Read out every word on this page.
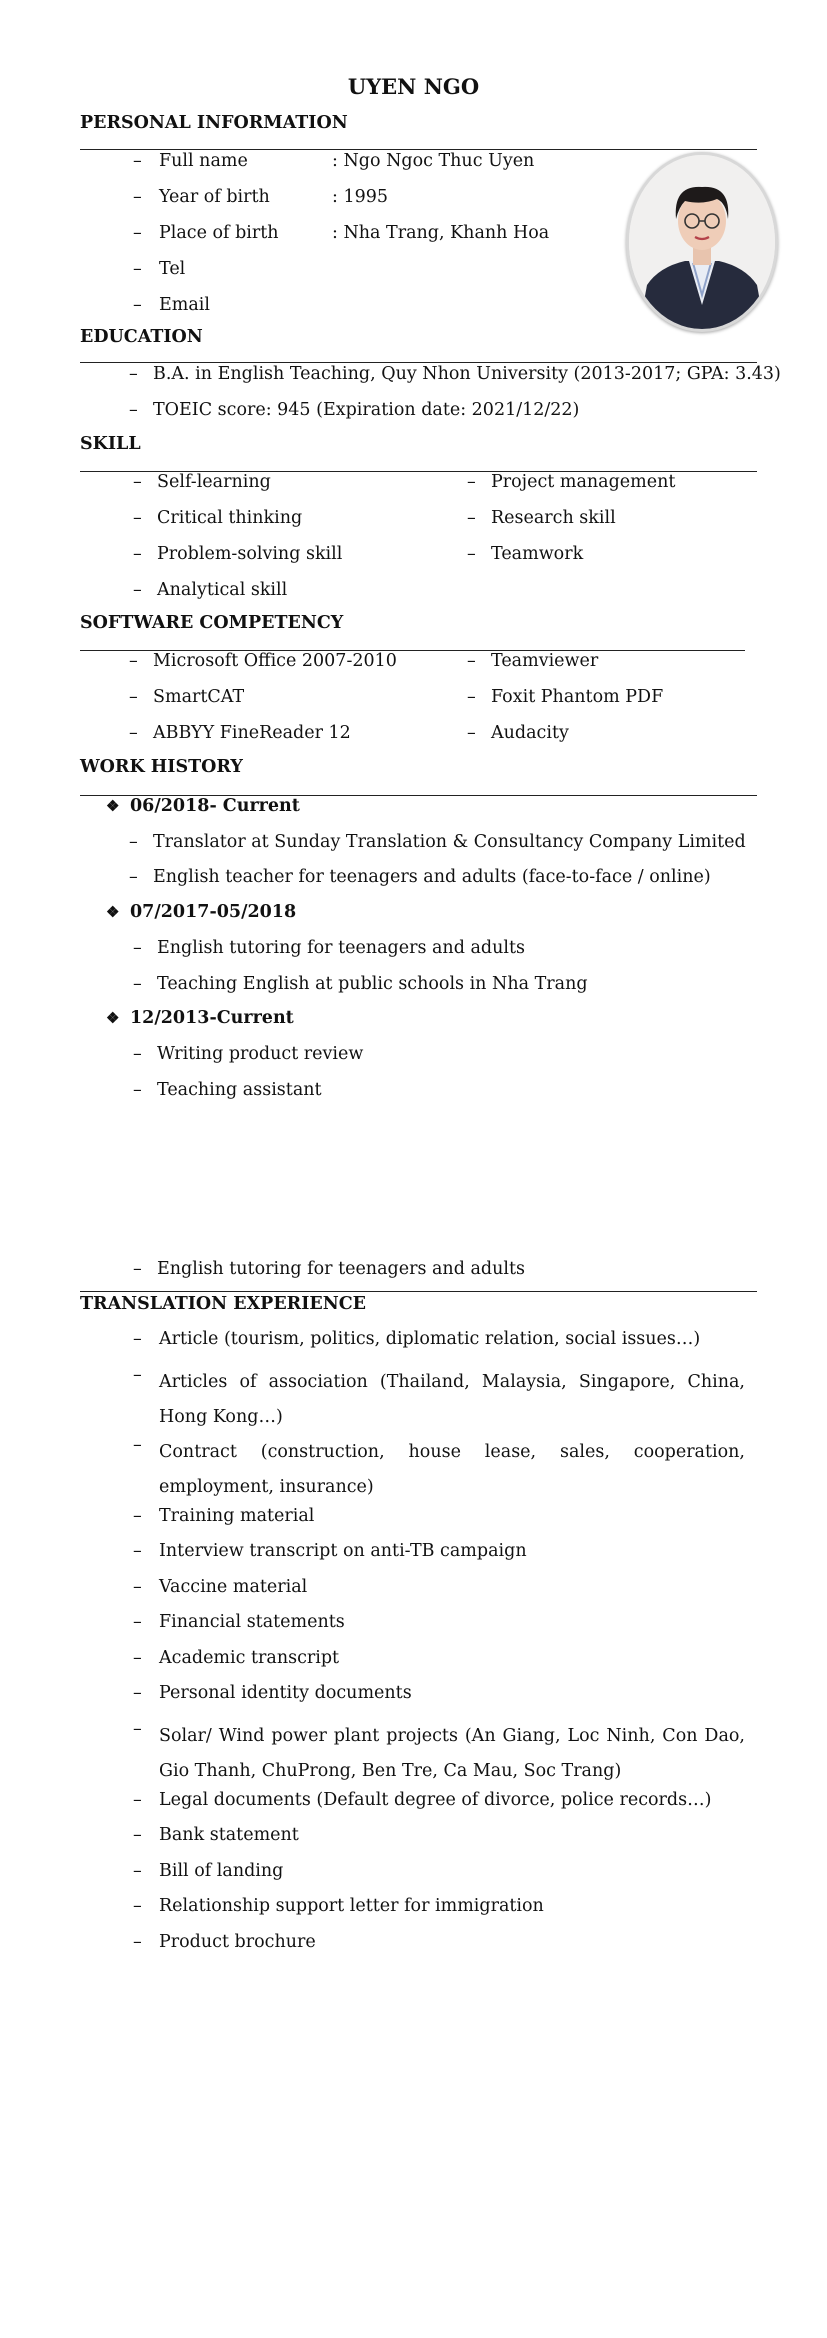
UYEN NGO
PERSONAL INFORMATION
– Full name	: Ngo Ngoc Thuc Uyen
– Year of birth	: 1995
– Place of birth	: Nha Trang, Khanh Hoa
– Tel
– Email
EDUCATION
– B.A. in English Teaching, Quy Nhon University (2013-2017; GPA: 3.43)
– TOEIC score: 945 (Expiration date: 2021/12/22)
SKILL
– Self-learning
– Critical thinking
– Problem-solving skill
– Analytical skill
– Project management
– Research skill
– Teamwork
SOFTWARE COMPETENCY
– Microsoft Office 2007-2010
– SmartCAT
– ABBYY FineReader 12
– Teamviewer
– Foxit Phantom PDF
– Audacity
WORK HISTORY
❖ 06/2018- Current
– Translator at Sunday Translation & Consultancy Company Limited
– English teacher for teenagers and adults (face-to-face / online)
❖ 07/2017-05/2018
– English tutoring for teenagers and adults
– Teaching English at public schools in Nha Trang
❖ 12/2013-Current
– Writing product review
– Teaching assistant
– English tutoring for teenagers and adults
TRANSLATION EXPERIENCE
– Article (tourism, politics, diplomatic relation, social issues…)
– Articles of association (Thailand, Malaysia, Singapore, China,
Hong Kong…)
– Contract (construction, house lease, sales, cooperation,
employment, insurance)
– Training material
– Interview transcript on anti-TB campaign
– Vaccine material
– Financial statements
– Academic transcript
– Personal identity documents
– Solar/ Wind power plant projects (An Giang, Loc Ninh, Con Dao,
Gio Thanh, ChuProng, Ben Tre, Ca Mau, Soc Trang)
– Legal documents (Default degree of divorce, police records…)
– Bank statement
– Bill of landing
– Relationship support letter for immigration
– Product brochure
